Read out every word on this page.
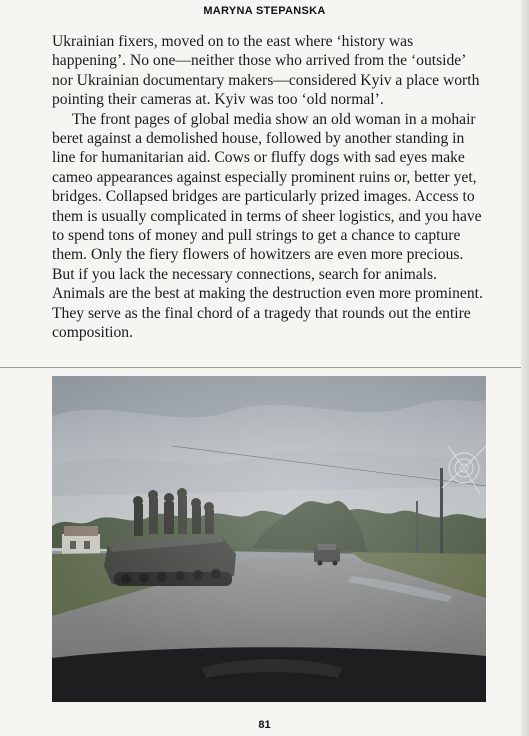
MARYNA STEPANSKA

Ukrainian fixers, moved on to the east where ‘history was happening’. No one—neither those who arrived from the ‘outside’ nor Ukrainian documentary makers—considered Kyiv a place worth pointing their cameras at. Kyiv was too ‘old normal’.

The front pages of global media show an old woman in a mohair beret against a demolished house, followed by another standing in line for humanitarian aid. Cows or fluffy dogs with sad eyes make cameo appearances against especially prominent ruins or, better yet, bridges. Collapsed bridges are particularly prized images. Access to them is usually complicated in terms of sheer logistics, and you have to spend tons of money and pull strings to get a chance to capture them. Only the fiery flowers of howitzers are even more precious. But if you lack the necessary connections, search for animals. Animals are the best at making the destruction even more prominent. They serve as the final chord of a tragedy that rounds out the entire composition.

81
